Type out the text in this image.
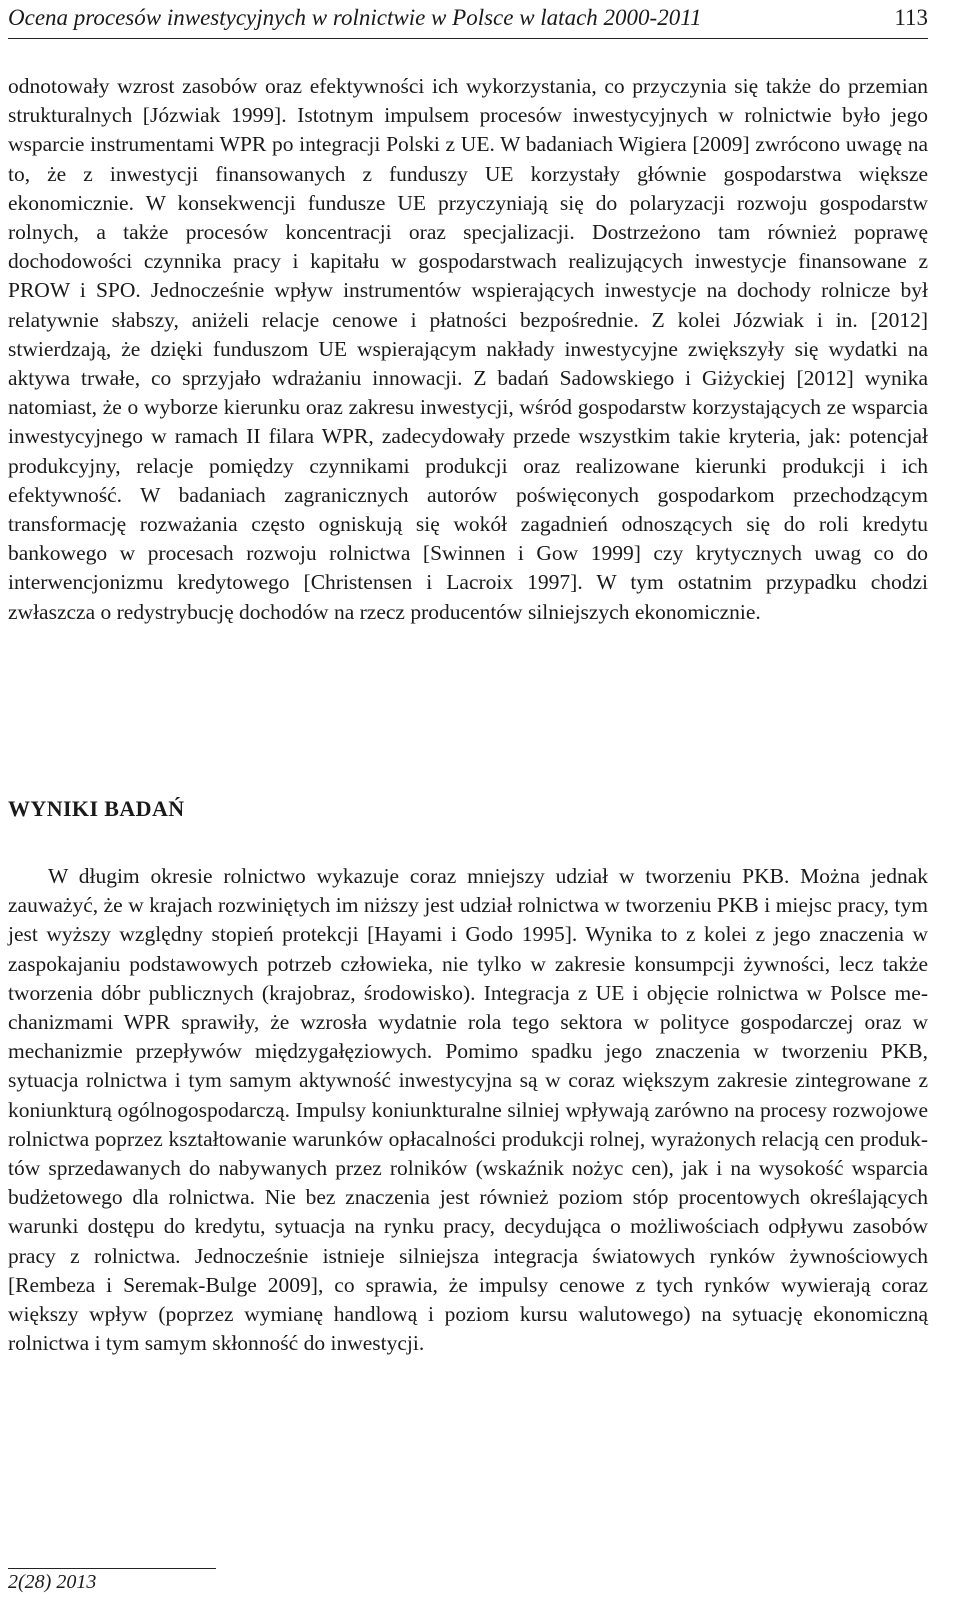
Ocena procesów inwestycyjnych w rolnictwie w Polsce w latach 2000-2011	113

odnotowały wzrost zasobów oraz efektywności ich wykorzystania, co przyczynia się także do przemian strukturalnych [Józwiak 1999]. Istotnym impulsem procesów inwestycyjnych w rolnictwie było jego wsparcie instrumentami WPR po integracji Polski z UE. W badaniach Wigiera [2009] zwrócono uwagę na to, że z inwestycji finansowanych z funduszy UE korzystały głównie gospodarstwa większe ekonomicznie. W konsekwencji fundusze UE przyczyniają się do polaryzacji rozwoju gospodarstw rolnych, a także procesów koncentracji oraz specjalizacji. Dostrzeżono tam również poprawę dochodowości czynnika pracy i kapitału w gospodarstwach realizujących inwestycje finansowane z PROW i SPO. Jednocześnie wpływ instrumentów wspierających inwestycje na dochody rolnicze był relatywnie słabszy, aniżeli relacje cenowe i płatności bezpośrednie. Z kolei Józwiak i in. [2012] stwierdzają, że dzięki funduszom UE wspierającym nakłady inwestycyjne zwiększyły się wydatki na aktywa trwałe, co sprzyjało wdrażaniu innowacji. Z badań Sadowskiego i Giżyckiej [2012] wynika natomiast, że o wyborze kierunku oraz zakresu inwestycji, wśród gospodarstw korzystających ze wsparcia inwestycyjnego w ramach II filara WPR, zadecydowały przede wszystkim takie kryteria, jak: potencjał produkcyjny, relacje pomiędzy czynnikami produkcji oraz realizowane kierunki produkcji i ich efektywność. W badaniach zagranicznych autorów poświęconych gospodarkom przechodzącym transformację rozważania często ogniskują się wokół zagadnień odnoszących się do roli kredytu bankowego w procesach rozwoju rolnictwa [Swinnen i Gow 1999] czy krytycznych uwag co do interwencjonizmu kredytowego [Christensen i Lacroix 1997]. W tym ostatnim przypadku chodzi zwłaszcza o redystrybucję dochodów na rzecz producentów silniejszych ekonomicznie.

WYNIKI BADAŃ

W długim okresie rolnictwo wykazuje coraz mniejszy udział w tworzeniu PKB. Można jednak zauważyć, że w krajach rozwiniętych im niższy jest udział rolnictwa w tworzeniu PKB i miejsc pracy, tym jest wyższy względny stopień protekcji [Hayami i Godo 1995]. Wynika to z kolei z jego znaczenia w zaspokajaniu podstawowych potrzeb człowieka, nie tylko w zakresie konsumpcji żywności, lecz także tworzenia dóbr publicznych (krajobraz, środowisko). Integracja z UE i objęcie rolnictwa w Polsce mechanizmami WPR sprawiły, że wzrosła wydatnie rola tego sektora w polityce gospodarczej oraz w mechanizmie przepływów międzygałęziowych. Pomimo spadku jego znaczenia w tworzeniu PKB, sytuacja rolnictwa i tym samym aktywność inwestycyjna są w coraz większym zakresie zintegrowane z koniunkturą ogólnogospodarczą. Impulsy koniunkturalne silniej wpływają zarówno na procesy rozwojowe rolnictwa poprzez kształtowanie warunków opłacalności produkcji rolnej, wyrażonych relacją cen produktów sprzedawanych do nabywanych przez rolników (wskaźnik nożyc cen), jak i na wysokość wsparcia budżetowego dla rolnictwa. Nie bez znaczenia jest również poziom stóp procentowych określających warunki dostępu do kredytu, sytuacja na rynku pracy, decydująca o możliwościach odpływu zasobów pracy z rolnictwa. Jednocześnie istnieje silniejsza integracja światowych rynków żywnościowych [Rembeza i Seremak-Bulge 2009], co sprawia, że impulsy cenowe z tych rynków wywierają coraz większy wpływ (poprzez wymianę handlową i poziom kursu walutowego) na sytuację ekonomiczną rolnictwa i tym samym skłonność do inwestycji.

2(28) 2013
